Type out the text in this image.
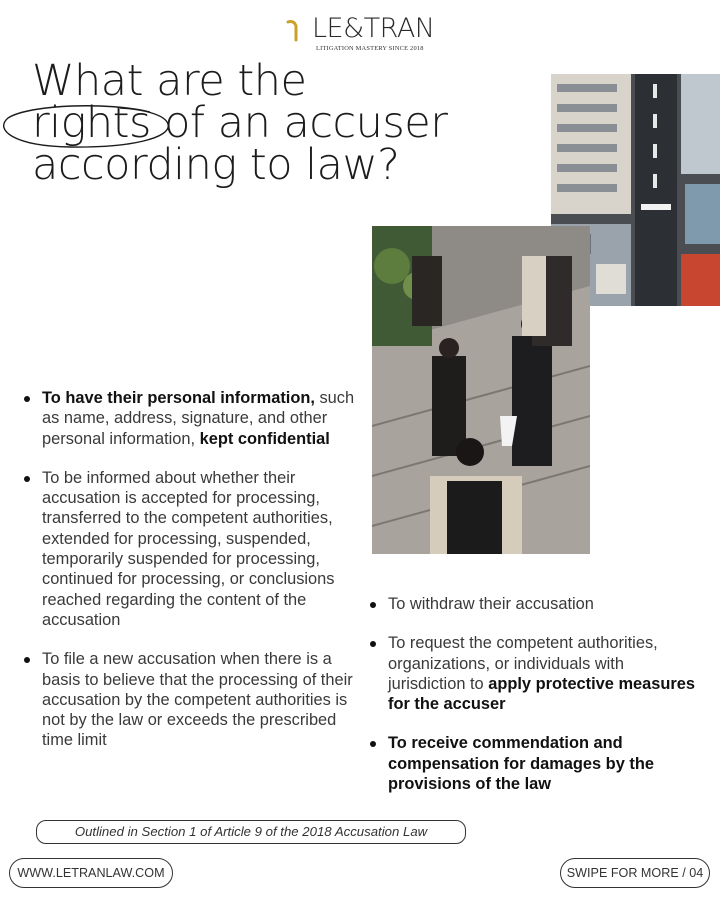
LE&TRAN
LITIGATION MASTERY SINCE 2018
What are the
rights
of an accuser
according to law?
To have their personal information, such as name, address, signature, and other personal information, kept confidential
To be informed about whether their accusation is accepted for processing, transferred to the competent authorities, extended for processing, suspended, temporarily suspended for processing, continued for processing, or conclusions reached regarding the content of the accusation
To file a new accusation when there is a basis to believe that the processing of their accusation by the competent authorities is not by the law or exceeds the prescribed time limit
To withdraw their accusation
To request the competent authorities, organizations, or individuals with jurisdiction to apply protective measures for the accuser
To receive commendation and compensation for damages by the provisions of the law
Outlined in Section 1 of Article 9 of the 2018 Accusation Law
WWW.LETRANLAW.COM	SWIPE FOR MORE / 04
